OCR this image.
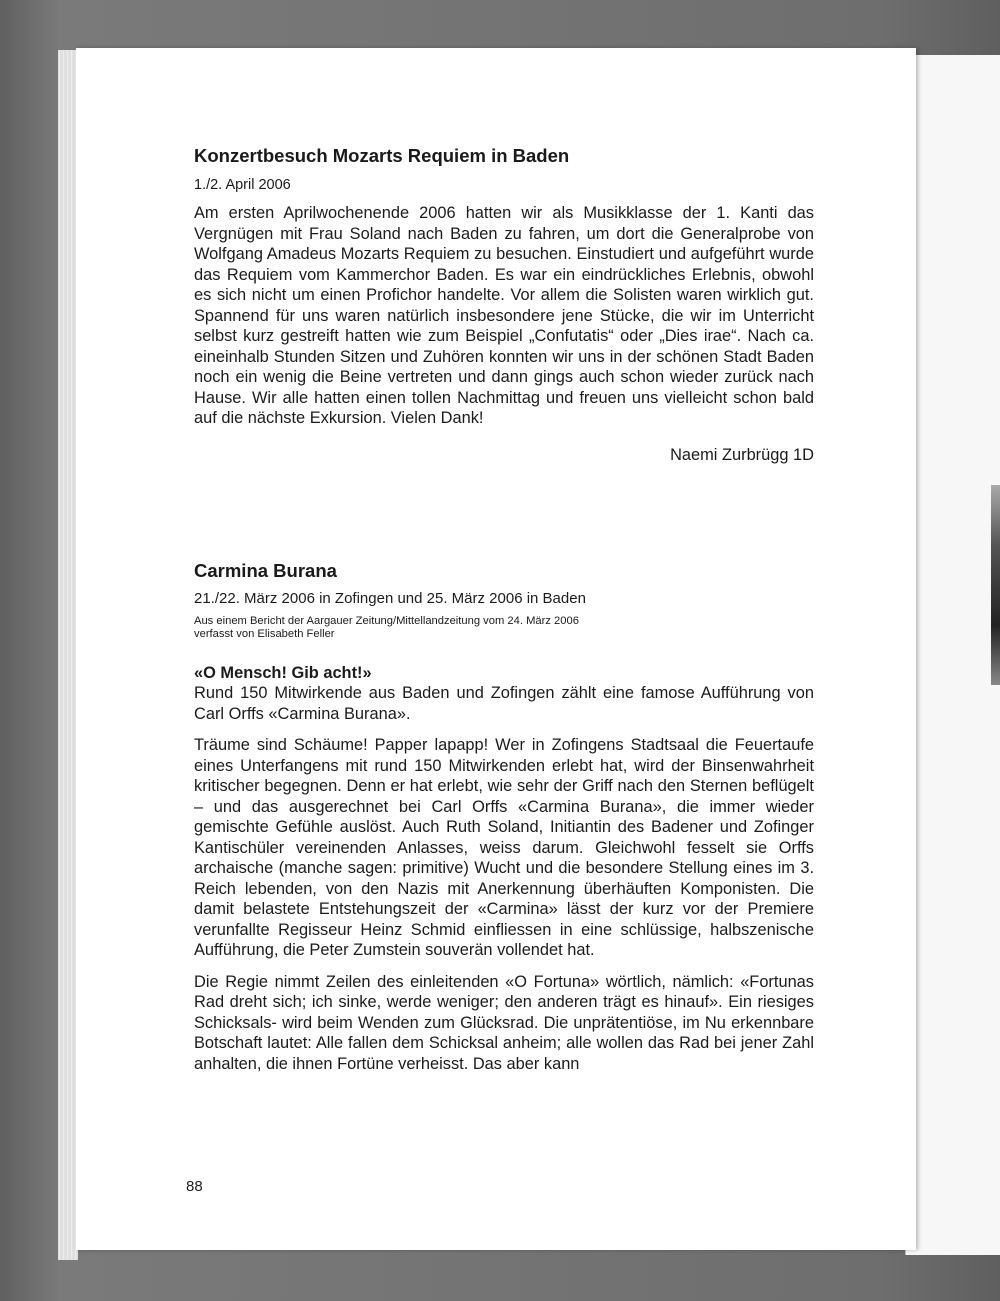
Konzertbesuch Mozarts Requiem in Baden
1./2. April 2006

Am ersten Aprilwochenende 2006 hatten wir als Musikklasse der 1. Kanti das Vergnügen mit Frau Soland nach Baden zu fahren, um dort die Generalprobe von Wolfgang Amadeus Mozarts Requiem zu besuchen. Einstudiert und aufgeführt wurde das Requiem vom Kammerchor Baden. Es war ein eindrückliches Erlebnis, obwohl es sich nicht um einen Profichor handelte. Vor allem die Solisten waren wirklich gut. Spannend für uns waren natürlich insbesondere jene Stücke, die wir im Unterricht selbst kurz gestreift hatten wie zum Beispiel „Confutatis“ oder „Dies irae“. Nach ca. eineinhalb Stunden Sitzen und Zuhören konnten wir uns in der schönen Stadt Baden noch ein wenig die Beine vertreten und dann gings auch schon wieder zurück nach Hause. Wir alle hatten einen tollen Nachmittag und freuen uns vielleicht schon bald auf die nächste Exkursion. Vielen Dank!

Naemi Zurbrügg 1D
Carmina Burana
21./22. März 2006 in Zofingen und 25. März 2006 in Baden
Aus einem Bericht der Aargauer Zeitung/Mittellandzeitung vom 24. März 2006
verfasst von Elisabeth Feller
«O Mensch! Gib acht!»

Rund 150 Mitwirkende aus Baden und Zofingen zählt eine famose Aufführung von Carl Orffs «Carmina Burana».

Träume sind Schäume! Papper lapapp! Wer in Zofingens Stadtsaal die Feuertaufe eines Unterfangens mit rund 150 Mitwirkenden erlebt hat, wird der Binsenwahrheit kritischer begegnen. Denn er hat erlebt, wie sehr der Griff nach den Sternen beflügelt – und das ausgerechnet bei Carl Orffs «Carmina Burana», die immer wieder gemischte Gefühle auslöst. Auch Ruth Soland, Initiantin des Badener und Zofinger Kantischüler vereinenden Anlasses, weiss darum. Gleichwohl fesselt sie Orffs archaische (manche sagen: primitive) Wucht und die besondere Stellung eines im 3. Reich lebenden, von den Nazis mit Anerkennung überhäuften Komponisten. Die damit belastete Entstehungszeit der «Carmina» lässt der kurz vor der Premiere verunfallte Regisseur Heinz Schmid einfliessen in eine schlüssige, halbszenische Aufführung, die Peter Zumstein souverän vollendet hat.

Die Regie nimmt Zeilen des einleitenden «O Fortuna» wörtlich, nämlich: «Fortunas Rad dreht sich; ich sinke, werde weniger; den anderen trägt es hinauf». Ein riesiges Schicksals- wird beim Wenden zum Glücksrad. Die unprätentiöse, im Nu erkennbare Botschaft lautet: Alle fallen dem Schicksal anheim; alle wollen das Rad bei jener Zahl anhalten, die ihnen Fortüne verheisst. Das aber kann

88
